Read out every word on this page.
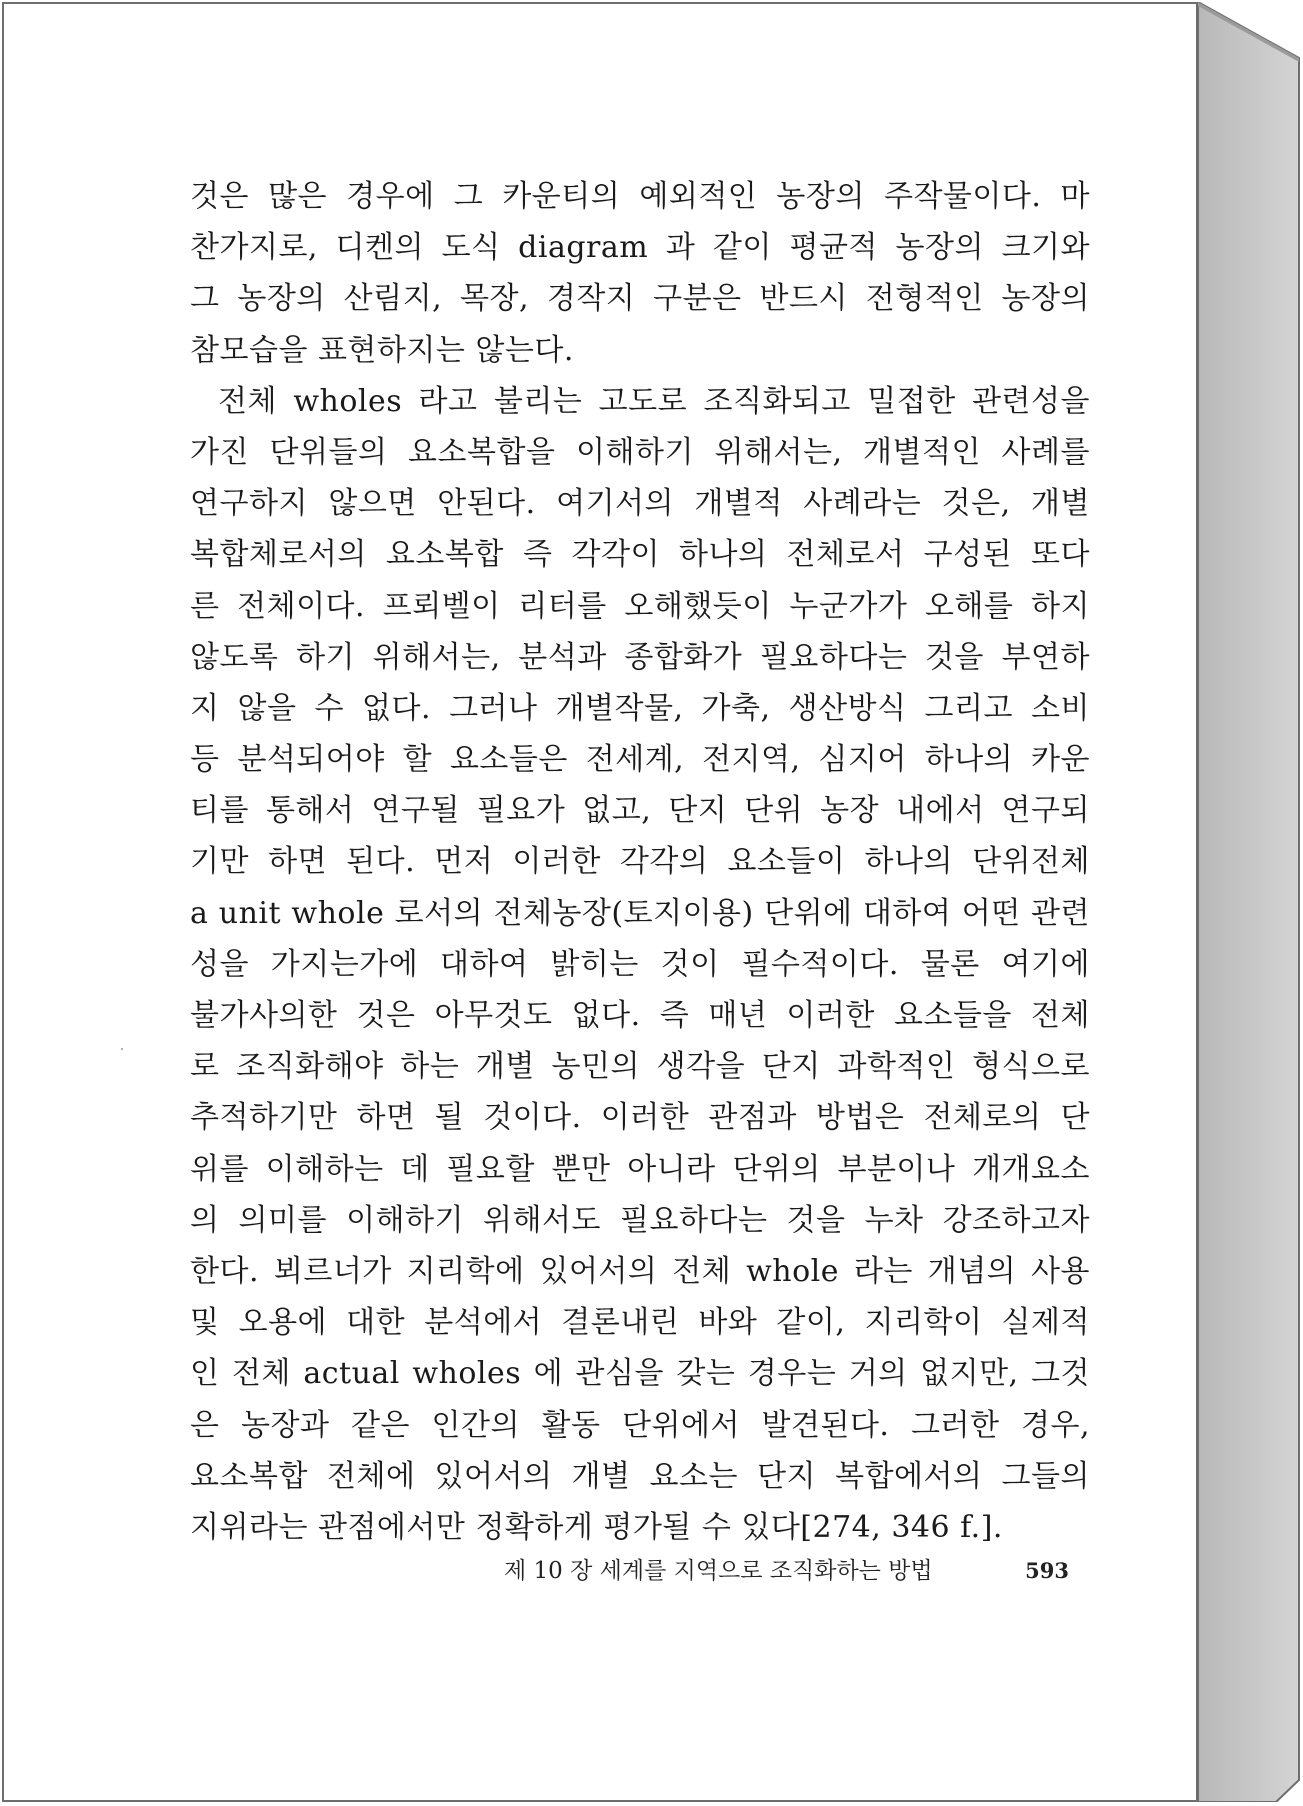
것은 많은 경우에 그 카운티의 예외적인 농장의 주작물이다. 마
찬가지로, 디켄의 도식 diagram 과 같이 평균적 농장의 크기와
그 농장의 산림지, 목장, 경작지 구분은 반드시 전형적인 농장의
참모습을 표현하지는 않는다.
전체 wholes 라고 불리는 고도로 조직화되고 밀접한 관련성을
가진 단위들의 요소복합을 이해하기 위해서는, 개별적인 사례를
연구하지 않으면 안된다. 여기서의 개별적 사례라는 것은, 개별
복합체로서의 요소복합 즉 각각이 하나의 전체로서 구성된 또다
른 전체이다. 프뢰벨이 리터를 오해했듯이 누군가가 오해를 하지
않도록 하기 위해서는, 분석과 종합화가 필요하다는 것을 부연하
지 않을 수 없다. 그러나 개별작물, 가축, 생산방식 그리고 소비
등 분석되어야 할 요소들은 전세계, 전지역, 심지어 하나의 카운
티를 통해서 연구될 필요가 없고, 단지 단위 농장 내에서 연구되
기만 하면 된다. 먼저 이러한 각각의 요소들이 하나의 단위전체
a unit whole 로서의 전체농장(토지이용) 단위에 대하여 어떤 관련
성을 가지는가에 대하여 밝히는 것이 필수적이다. 물론 여기에
불가사의한 것은 아무것도 없다. 즉 매년 이러한 요소들을 전체
로 조직화해야 하는 개별 농민의 생각을 단지 과학적인 형식으로
추적하기만 하면 될 것이다. 이러한 관점과 방법은 전체로의 단
위를 이해하는 데 필요할 뿐만 아니라 단위의 부분이나 개개요소
의 의미를 이해하기 위해서도 필요하다는 것을 누차 강조하고자
한다. 뵈르너가 지리학에 있어서의 전체 whole 라는 개념의 사용
및 오용에 대한 분석에서 결론내린 바와 같이, 지리학이 실제적
인 전체 actual wholes 에 관심을 갖는 경우는 거의 없지만, 그것
은 농장과 같은 인간의 활동 단위에서 발견된다. 그러한 경우,
요소복합 전체에 있어서의 개별 요소는 단지 복합에서의 그들의
지위라는 관점에서만 정확하게 평가될 수 있다[274, 346 f.].
제 10 장 세계를 지역으로 조직화하는 방법	593
